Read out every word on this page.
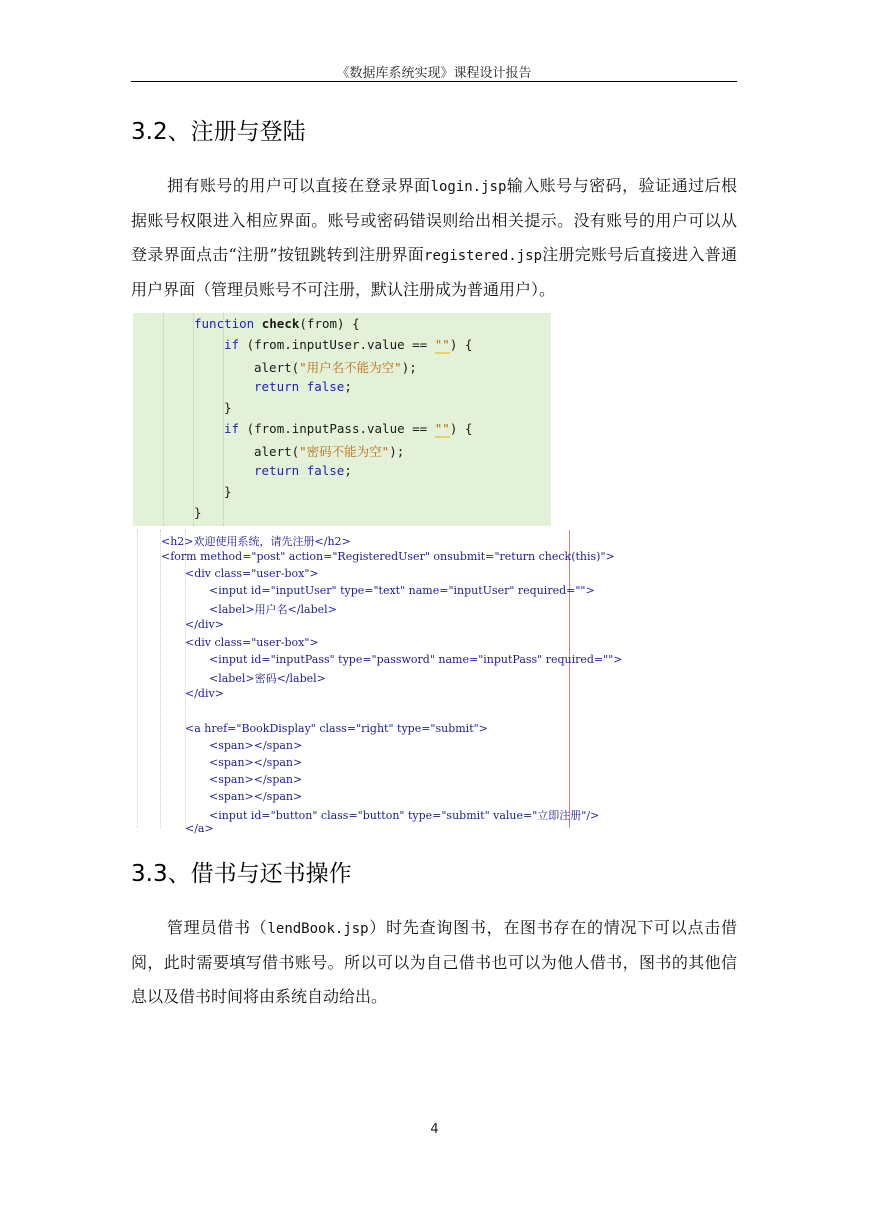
《数据库系统实现》课程设计报告
3.2、注册与登陆

拥有账号的用户可以直接在登录界面login.jsp输入账号与密码，验证通过后根据账号权限进入相应界面。账号或密码错误则给出相关提示。没有账号的用户可以从登录界面点击“注册”按钮跳转到注册界面registered.jsp注册完账号后直接进入普通用户界面（管理员账号不可注册，默认注册成为普通用户）。

function check(from) {
if (from.inputUser.value == "") {
alert("用户名不能为空");
return false;
}
if (from.inputPass.value == "") {
alert("密码不能为空");
return false;
}
}
<h2>欢迎使用系统，请先注册</h2>
<form method="post" action="RegisteredUser" onsubmit="return check(this)">
<div class="user-box">
<input id="inputUser" type="text" name="inputUser" required="">
<label>用户名</label>
</div>
<div class="user-box">
<input id="inputPass" type="password" name="inputPass" required="">
<label>密码</label>
</div>
<a href="BookDisplay" class="right" type="submit">
<span></span>
<span></span>
<span></span>
<span></span>
<input id="button" class="button" type="submit" value="立即注册"/>
</a>
3.3、借书与还书操作

管理员借书（lendBook.jsp）时先查询图书，在图书存在的情况下可以点击借阅，此时需要填写借书账号。所以可以为自己借书也可以为他人借书，图书的其他信息以及借书时间将由系统自动给出。

4
